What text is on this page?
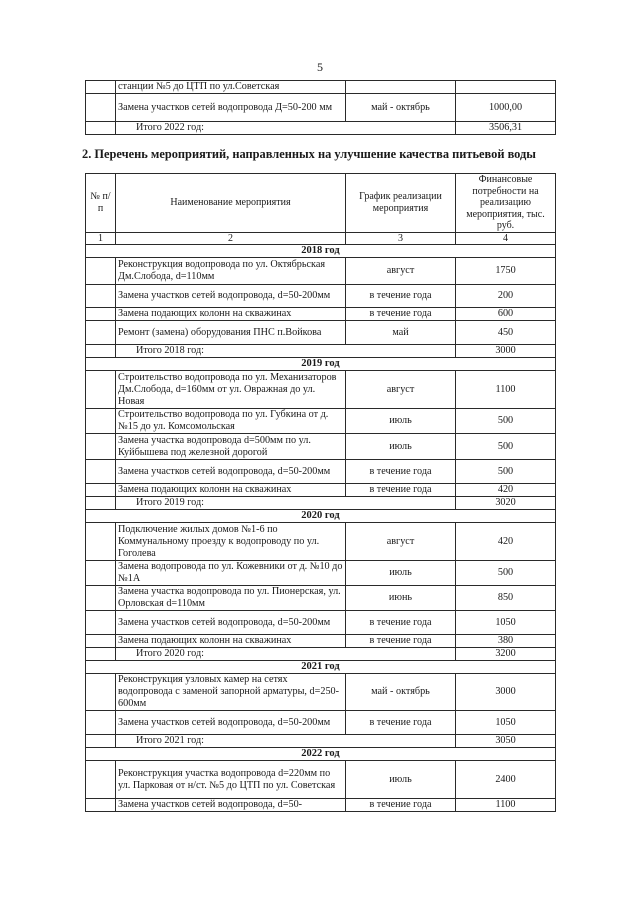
5
	станции №5 до ЦТП по ул.Советская		
	Замена участков сетей водопровода Д=50-200 мм	май - октябрь	1000,00
	Итого 2022 год:		3506,31
2. Перечень мероприятий, направленных на улучшение качества питьевой воды
№ п/п	Наименование мероприятия	График реализации мероприятия	Финансовые потребности на реализацию мероприятия, тыс. руб.
1	2	3	4
2018 год			
	Реконструкция водопровода по ул. Октябрьская Дм.Слобода, d=110мм	август	1750
	Замена участков сетей водопровода, d=50-200мм	в течение года	200
	Замена подающих колонн на скважинах	в течение года	600
	Ремонт (замена) оборудования ПНС п.Войкова	май	450
	Итого 2018 год:		3000
2019 год			
	Строительство водопровода по ул. Механизаторов Дм.Слобода, d=160мм от ул. Овражная до ул. Новая	август	1100
	Строительство водопровода по ул. Губкина от д. №15 до ул. Комсомольская	июль	500
	Замена участка водопровода d=500мм по ул. Куйбышева под железной дорогой	июль	500
	Замена участков сетей водопровода, d=50-200мм	в течение года	500
	Замена подающих колонн на скважинах	в течение года	420
	Итого 2019 год:		3020
2020 год			
	Подключение жилых домов №1-6 по Коммунальному проезду к водопроводу по ул. Гоголева	август	420
	Замена водопровода по ул. Кожевники от д. №10 до №1А	июль	500
	Замена участка водопровода по ул. Пионерская, ул. Орловская d=110мм	июнь	850
	Замена участков сетей водопровода, d=50-200мм	в течение года	1050
	Замена подающих колонн на скважинах	в течение года	380
	Итого 2020 год:		3200
2021 год			
	Реконструкция узловых камер на сетях водопровода с заменой запорной арматуры, d=250-600мм	май - октябрь	3000
	Замена участков сетей водопровода, d=50-200мм	в течение года	1050
	Итого 2021 год:		3050
2022 год			
	Реконструкция участка водопровода d=220мм по ул. Парковая от н/ст. №5 до ЦТП по ул. Советская	июль	2400
	Замена участков сетей водопровода, d=50-	в течение года	1100
